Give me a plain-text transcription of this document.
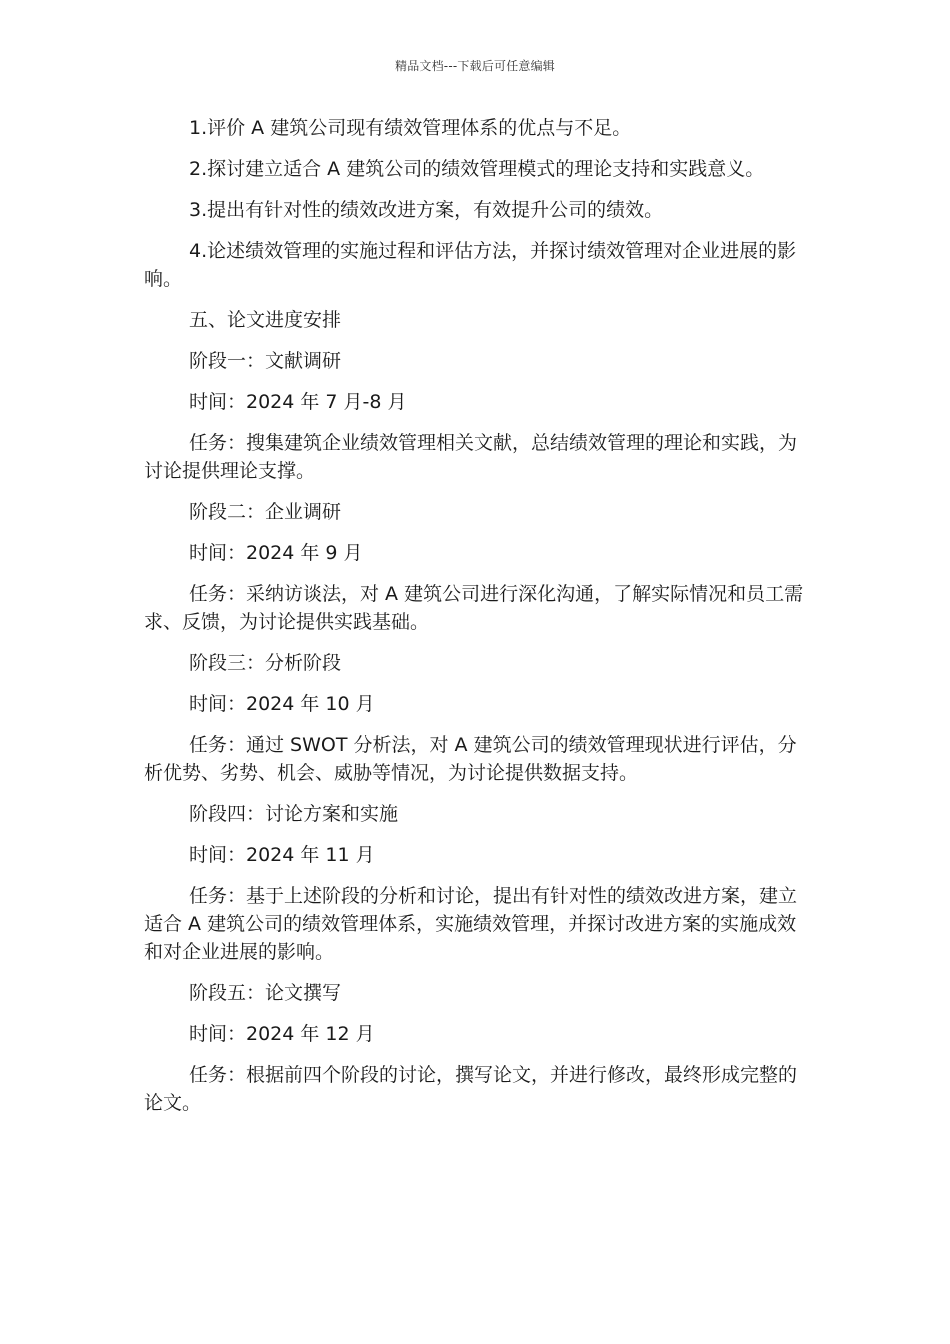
精品文档---下载后可任意编辑

1.评价 A 建筑公司现有绩效管理体系的优点与不足。

2.探讨建立适合 A 建筑公司的绩效管理模式的理论支持和实践意义。

3.提出有针对性的绩效改进方案，有效提升公司的绩效。

4.论述绩效管理的实施过程和评估方法，并探讨绩效管理对企业进展的影响。

五、论文进度安排

阶段一：文献调研

时间：2024 年 7 月-8 月

任务：搜集建筑企业绩效管理相关文献，总结绩效管理的理论和实践，为讨论提供理论支撑。

阶段二：企业调研

时间：2024 年 9 月

任务：采纳访谈法，对 A 建筑公司进行深化沟通，了解实际情况和员工需求、反馈，为讨论提供实践基础。

阶段三：分析阶段

时间：2024 年 10 月

任务：通过 SWOT 分析法，对 A 建筑公司的绩效管理现状进行评估，分析优势、劣势、机会、威胁等情况，为讨论提供数据支持。

阶段四：讨论方案和实施

时间：2024 年 11 月

任务：基于上述阶段的分析和讨论，提出有针对性的绩效改进方案，建立适合 A 建筑公司的绩效管理体系，实施绩效管理，并探讨改进方案的实施成效和对企业进展的影响。

阶段五：论文撰写

时间：2024 年 12 月

任务：根据前四个阶段的讨论，撰写论文，并进行修改，最终形成完整的论文。
